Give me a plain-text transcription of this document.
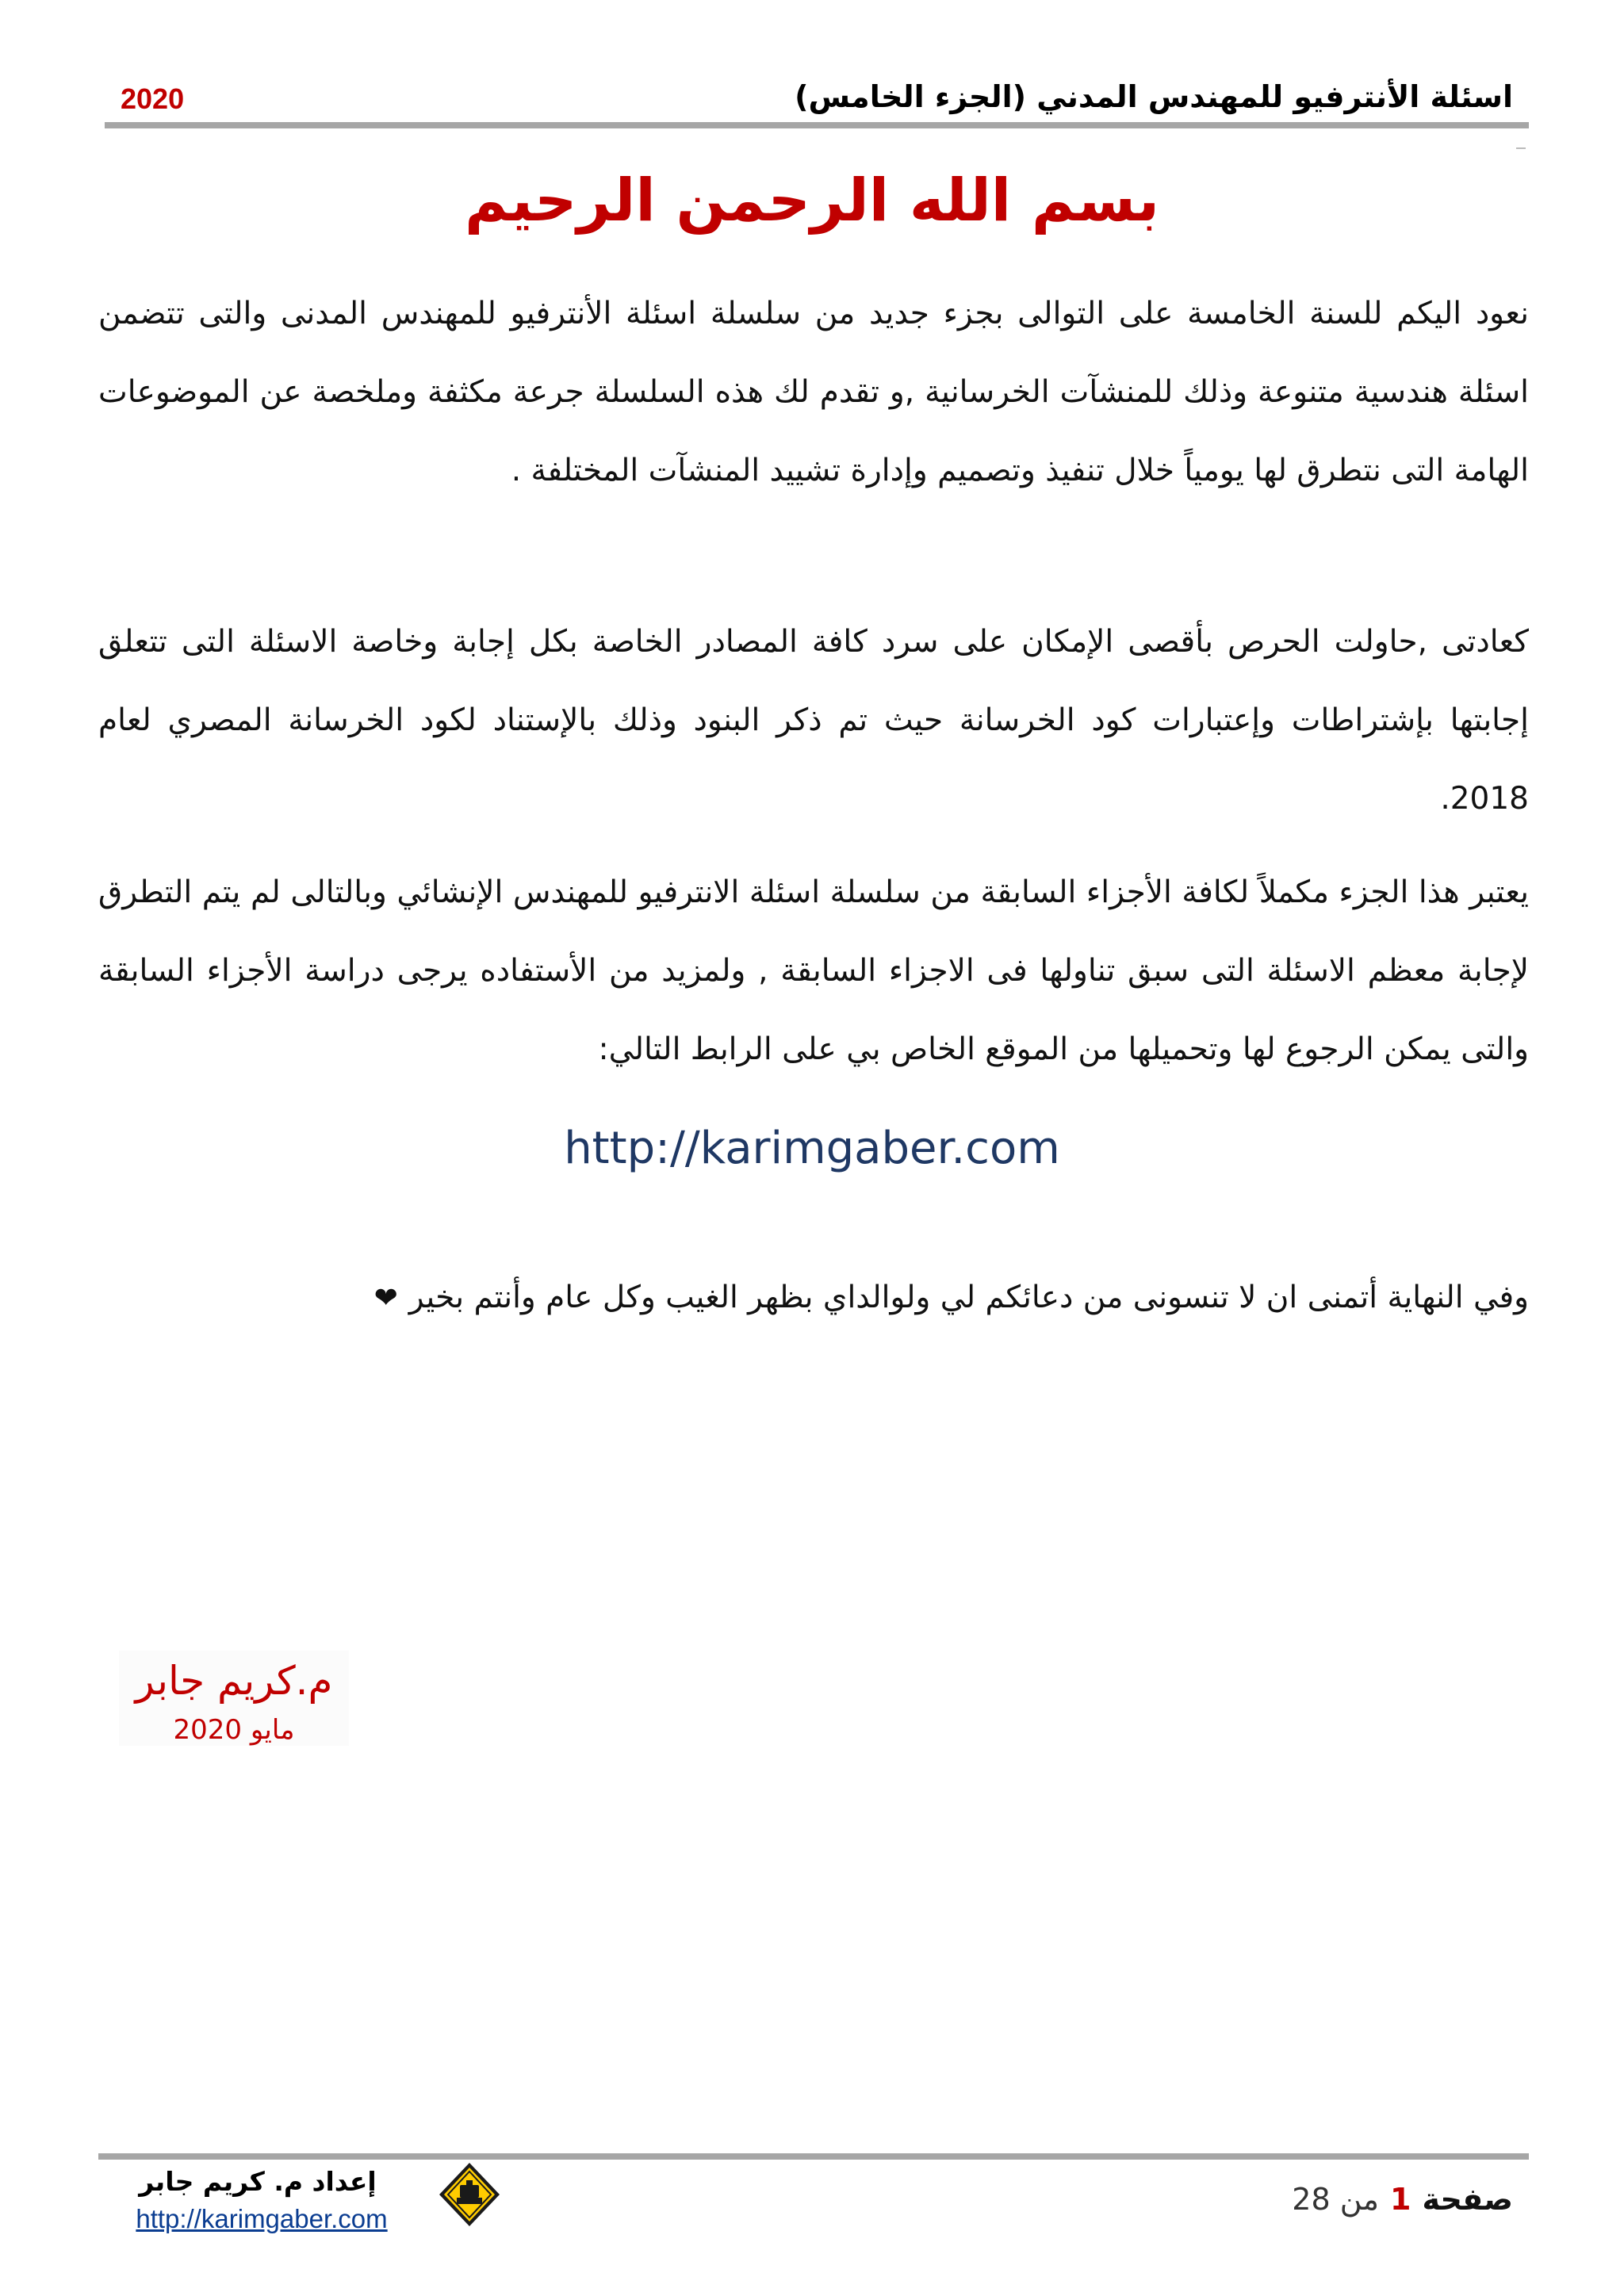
اسئلة الأنترفيو للمهندس المدني (الجزء الخامس)
2020
بسم الله الرحمن الرحيم
نعود اليكم للسنة الخامسة على التوالى بجزء جديد من سلسلة اسئلة الأنترفيو للمهندس المدنى والتى تتضمن اسئلة هندسية متنوعة وذلك للمنشآت الخرسانية ,و تقدم لك هذه السلسلة جرعة مكثفة وملخصة عن الموضوعات الهامة التى نتطرق لها يومياً خلال تنفيذ وتصميم وإدارة تشييد المنشآت المختلفة .
كعادتى ,حاولت الحرص بأقصى الإمكان على سرد كافة المصادر الخاصة بكل إجابة وخاصة الاسئلة التى تتعلق إجابتها بإشتراطات وإعتبارات كود الخرسانة حيث تم ذكر البنود وذلك بالإستناد لكود الخرسانة المصري لعام 2018.
يعتبر هذا الجزء مكملاً لكافة الأجزاء السابقة من سلسلة اسئلة الانترفيو للمهندس الإنشائي وبالتالى لم يتم التطرق لإجابة معظم الاسئلة التى سبق تناولها فى الاجزاء السابقة , ولمزيد من الأستفاده يرجى دراسة الأجزاء السابقة والتى يمكن الرجوع لها وتحميلها من الموقع الخاص بي على الرابط التالي:
http://karimgaber.com
وفي النهاية أتمنى ان لا تنسونى من دعائكم لي ولوالداي بظهر الغيب وكل عام وأنتم بخير❤
م.كريم جابر
مايو 2020
إعداد م. كريم جابر
http://karimgaber.com
صفحة1من 28
